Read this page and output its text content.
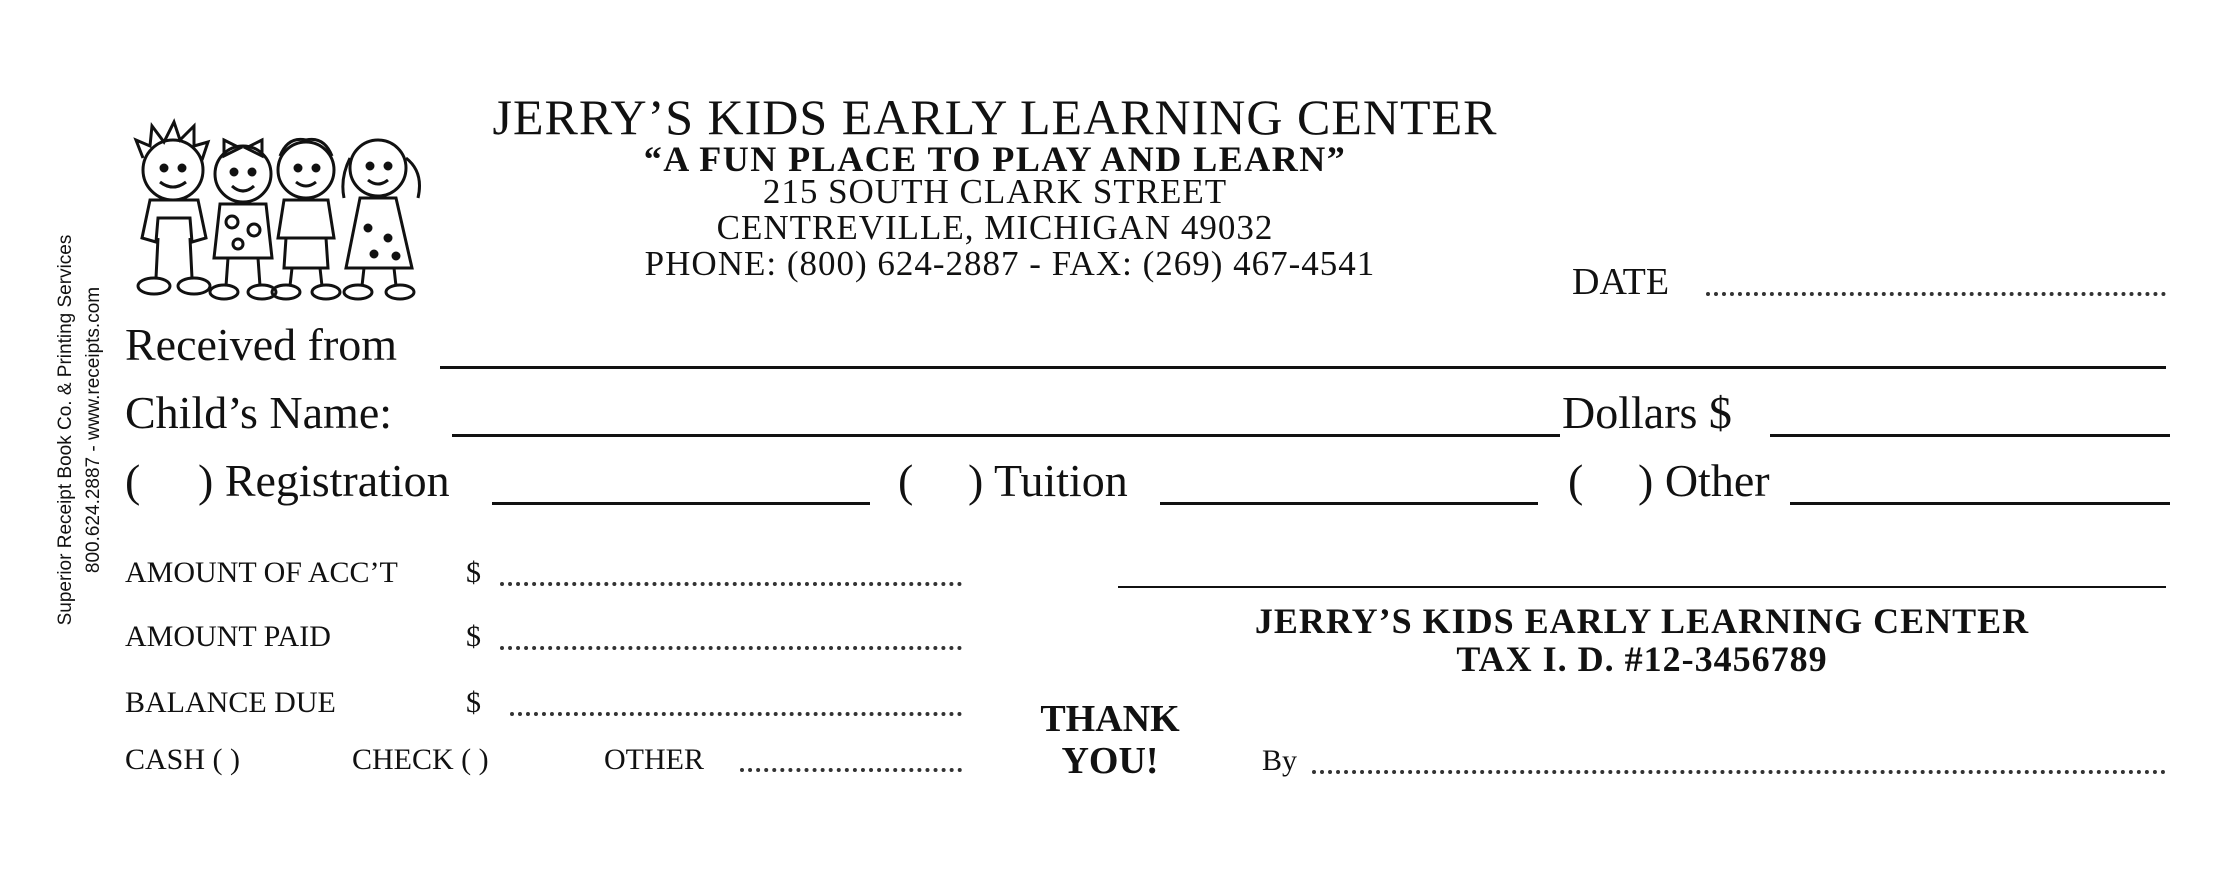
Superior Receipt Book Co. & Printing Services 800.624.2887 - www.receipts.com
JERRY’S KIDS EARLY LEARNING CENTER
“A FUN PLACE TO PLAY AND LEARN”
215 SOUTH CLARK STREET
CENTREVILLE, MICHIGAN 49032
PHONE: (800) 624-2887 - FAX: (269) 467-4541	DATE
Received from
Child’s Name:	Dollars $
( ) Registration	( ) Tuition	( ) Other
AMOUNT OF ACC’T $
AMOUNT PAID	$
BALANCE DUE	$
CASH ( )	CHECK ( )	OTHER
THANK
YOU!
JERRY’S KIDS EARLY LEARNING CENTER
TAX I. D. #12-3456789
By
